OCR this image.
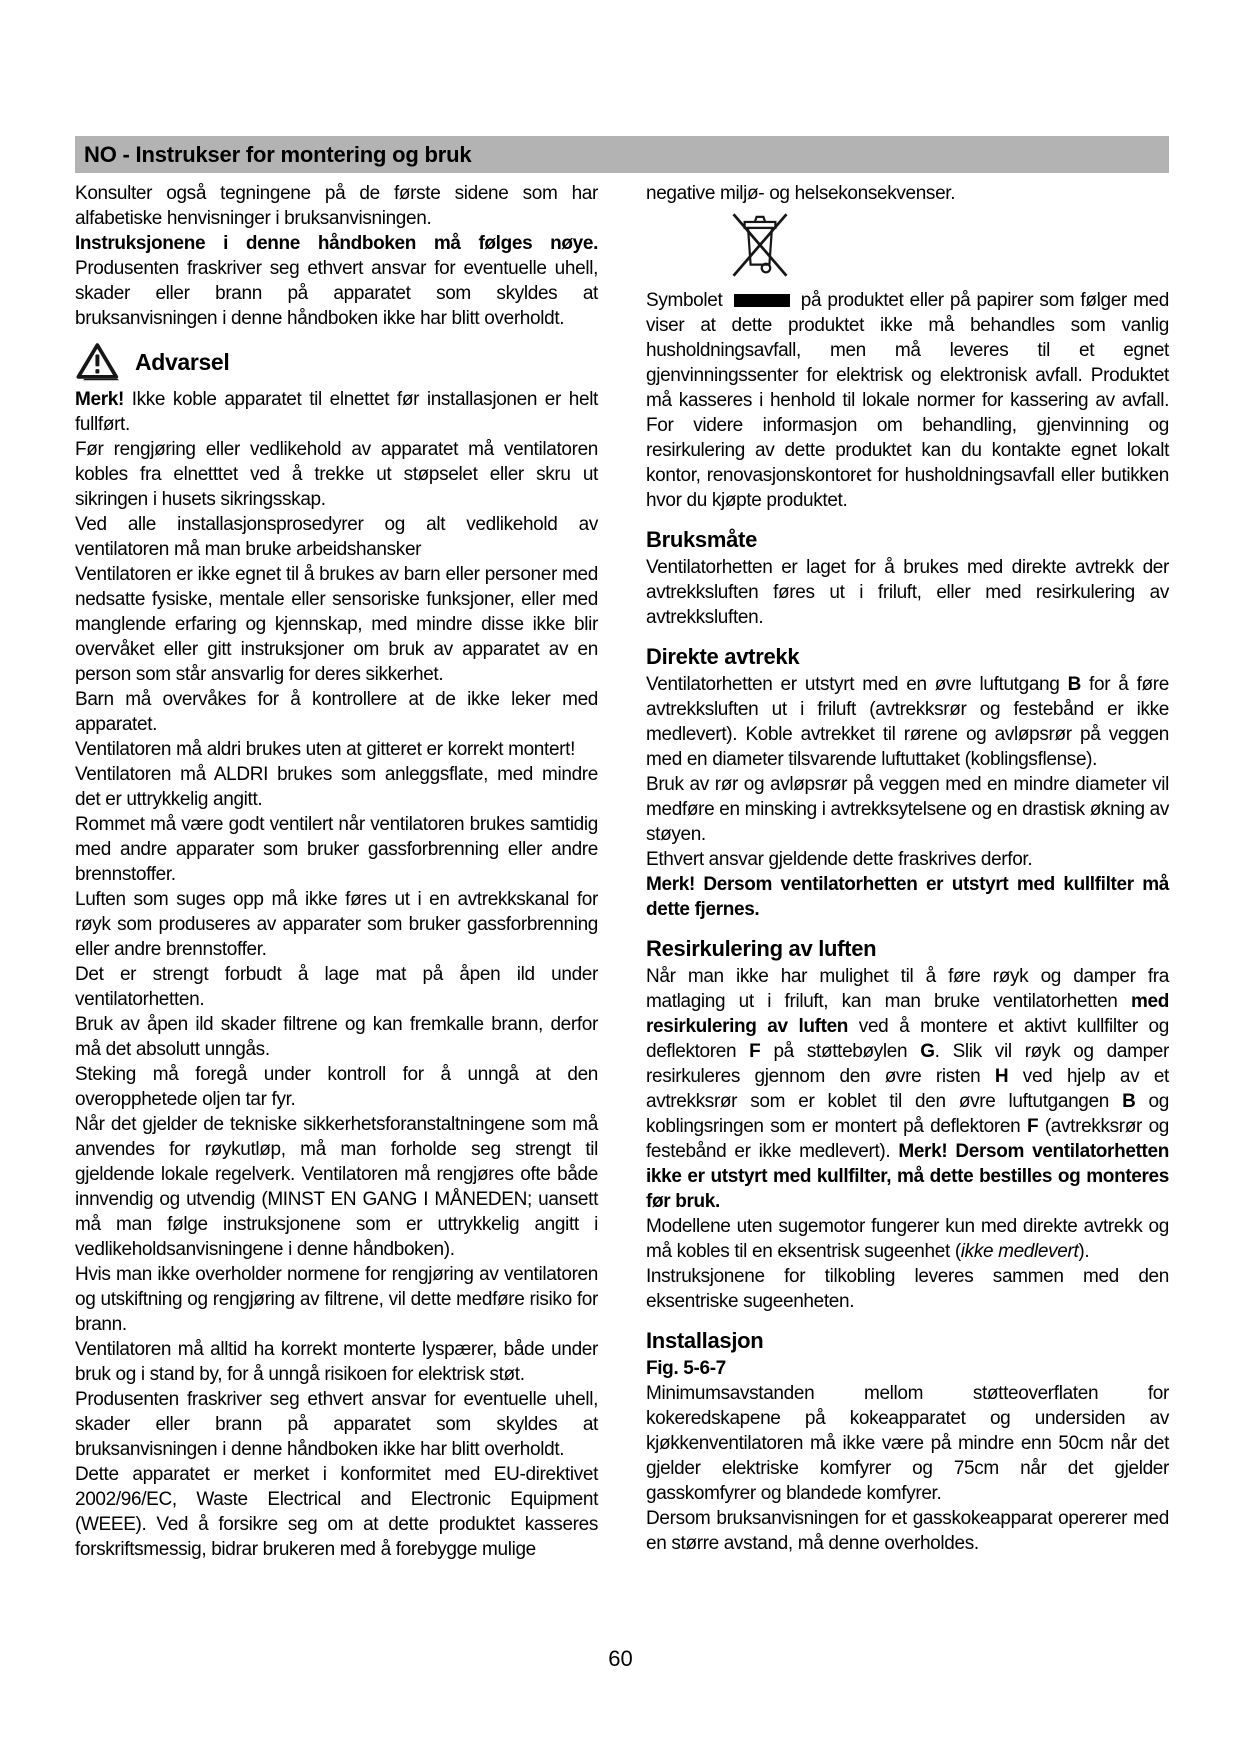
NO - Instrukser for montering og bruk

Konsulter også tegningene på de første sidene som har alfabetiske henvisninger i bruksanvisningen.

Instruksjonene i denne håndboken må følges nøye.

Produsenten fraskriver seg ethvert ansvar for eventuelle uhell, skader eller brann på apparatet som skyldes at bruksanvisningen i denne håndboken ikke har blitt overholdt.

Advarsel

Merk! Ikke koble apparatet til elnettet før installasjonen er helt fullført.

Før rengjøring eller vedlikehold av apparatet må ventilatoren kobles fra elnetttet ved å trekke ut støpselet eller skru ut sikringen i husets sikringsskap.

Ved alle installasjonsprosedyrer og alt vedlikehold av ventilatoren må man bruke arbeidshansker

Ventilatoren er ikke egnet til å brukes av barn eller personer med nedsatte fysiske, mentale eller sensoriske funksjoner, eller med manglende erfaring og kjennskap, med mindre disse ikke blir overvåket eller gitt instruksjoner om bruk av apparatet av en person som står ansvarlig for deres sikkerhet.

Barn må overvåkes for å kontrollere at de ikke leker med apparatet.

Ventilatoren må aldri brukes uten at gitteret er korrekt montert!

Ventilatoren må ALDRI brukes som anleggsflate, med mindre det er uttrykkelig angitt.

Rommet må være godt ventilert når ventilatoren brukes samtidig med andre apparater som bruker gassforbrenning eller andre brennstoffer.

Luften som suges opp må ikke føres ut i en avtrekkskanal for røyk som produseres av apparater som bruker gassforbrenning eller andre brennstoffer.

Det er strengt forbudt å lage mat på åpen ild under ventilatorhetten.

Bruk av åpen ild skader filtrene og kan fremkalle brann, derfor må det absolutt unngås.

Steking må foregå under kontroll for å unngå at den overopphetede oljen tar fyr.

Når det gjelder de tekniske sikkerhetsforanstaltningene som må anvendes for røykutløp, må man forholde seg strengt til gjeldende lokale regelverk. Ventilatoren må rengjøres ofte både innvendig og utvendig (MINST EN GANG I MÅNEDEN; uansett må man følge instruksjonene som er uttrykkelig angitt i vedlikeholdsanvisningene i denne håndboken).

Hvis man ikke overholder normene for rengjøring av ventilatoren og utskiftning og rengjøring av filtrene, vil dette medføre risiko for brann.

Ventilatoren må alltid ha korrekt monterte lyspærer, både under bruk og i stand by, for å unngå risikoen for elektrisk støt.

Produsenten fraskriver seg ethvert ansvar for eventuelle uhell, skader eller brann på apparatet som skyldes at bruksanvisningen i denne håndboken ikke har blitt overholdt.

Dette apparatet er merket i konformitet med EU-direktivet 2002/96/EC, Waste Electrical and Electronic Equipment (WEEE). Ved å forsikre seg om at dette produktet kasseres forskriftsmessig, bidrar brukeren med å forebygge mulige

negative miljø- og helsekonsekvenser.

Symbolet	på produktet eller på papirer som følger med viser at dette produktet ikke må behandles som vanlig husholdningsavfall, men må leveres til et egnet gjenvinningssenter for elektrisk og elektronisk avfall. Produktet må kasseres i henhold til lokale normer for kassering av avfall. For videre informasjon om behandling, gjenvinning og resirkulering av dette produktet kan du kontakte egnet lokalt kontor, renovasjonskontoret for husholdningsavfall eller butikken hvor du kjøpte produktet.

Bruksmåte

Ventilatorhetten er laget for å brukes med direkte avtrekk der avtrekksluften føres ut i friluft, eller med resirkulering av avtrekksluften.

Direkte avtrekk

Ventilatorhetten er utstyrt med en øvre luftutgang B for å føre avtrekksluften ut i friluft (avtrekksrør og festebånd er ikke medlevert). Koble avtrekket til rørene og avløpsrør på veggen med en diameter tilsvarende luftuttaket (koblingsflense).

Bruk av rør og avløpsrør på veggen med en mindre diameter vil medføre en minsking i avtrekksytelsene og en drastisk økning av støyen.

Ethvert ansvar gjeldende dette fraskrives derfor.

Merk! Dersom ventilatorhetten er utstyrt med kullfilter må dette fjernes.

Resirkulering av luften

Når man ikke har mulighet til å føre røyk og damper fra matlaging ut i friluft, kan man bruke ventilatorhetten med resirkulering av luften ved å montere et aktivt kullfilter og deflektoren F på støttebøylen G. Slik vil røyk og damper resirkuleres gjennom den øvre risten H ved hjelp av et avtrekksrør som er koblet til den øvre luftutgangen B og koblingsringen som er montert på deflektoren F (avtrekksrør og festebånd er ikke medlevert). Merk! Dersom ventilatorhetten ikke er utstyrt med kullfilter, må dette bestilles og monteres før bruk.

Modellene uten sugemotor fungerer kun med direkte avtrekk og må kobles til en eksentrisk sugeenhet (ikke medlevert).

Instruksjonene for tilkobling leveres sammen med den eksentriske sugeenheten.

Installasjon

Fig. 5-6-7

Minimumsavstanden mellom støtteoverflaten for kokeredskapene på kokeapparatet og undersiden av kjøkkenventilatoren må ikke være på mindre enn 50cm når det gjelder elektriske komfyrer og 75cm når det gjelder gasskomfyrer og blandede komfyrer.

Dersom bruksanvisningen for et gasskokeapparat opererer med en større avstand, må denne overholdes.

60
